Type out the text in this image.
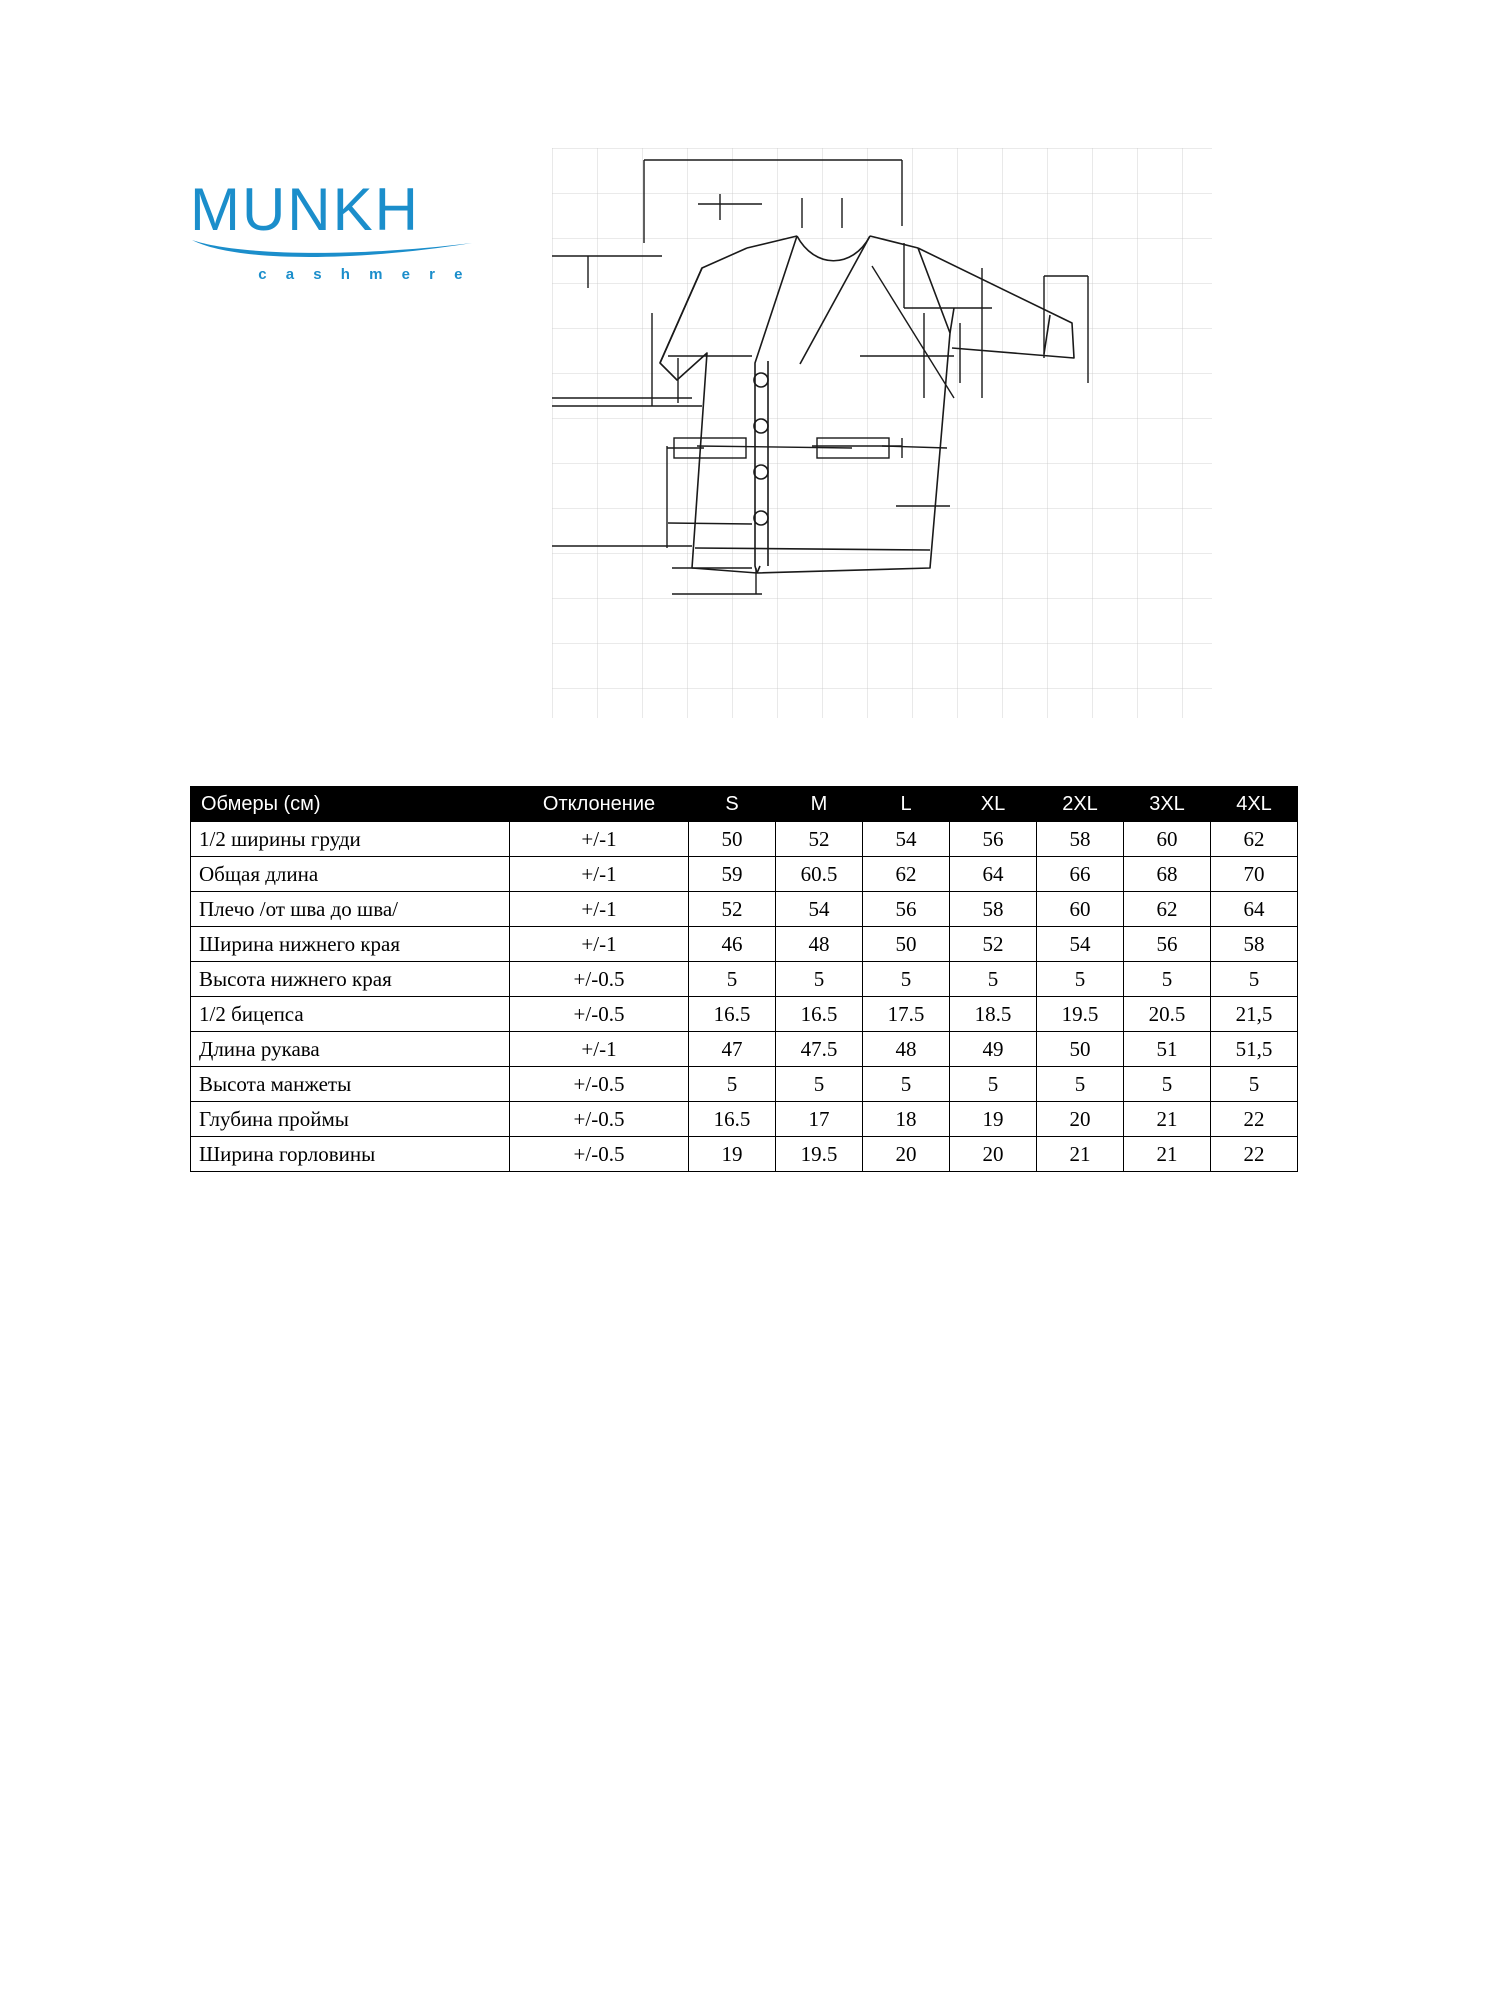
MUNKH
c a s h m e r e
Обмеры (см)	Отклонение	S	M	L	XL	2XL	3XL	4XL
1/2 ширины груди	+/-1	50	52	54	56	58	60	62
Общая длина	+/-1	59	60.5	62	64	66	68	70
Плечо /от шва до шва/	+/-1	52	54	56	58	60	62	64
Ширина нижнего края	+/-1	46	48	50	52	54	56	58
Высота нижнего края	+/-0.5	5	5	5	5	5	5	5
1/2 бицепса	+/-0.5	16.5	16.5	17.5	18.5	19.5	20.5	21,5
Длина рукава	+/-1	47	47.5	48	49	50	51	51,5
Высота манжеты	+/-0.5	5	5	5	5	5	5	5
Глубина проймы	+/-0.5	16.5	17	18	19	20	21	22
Ширина горловины	+/-0.5	19	19.5	20	20	21	21	22
